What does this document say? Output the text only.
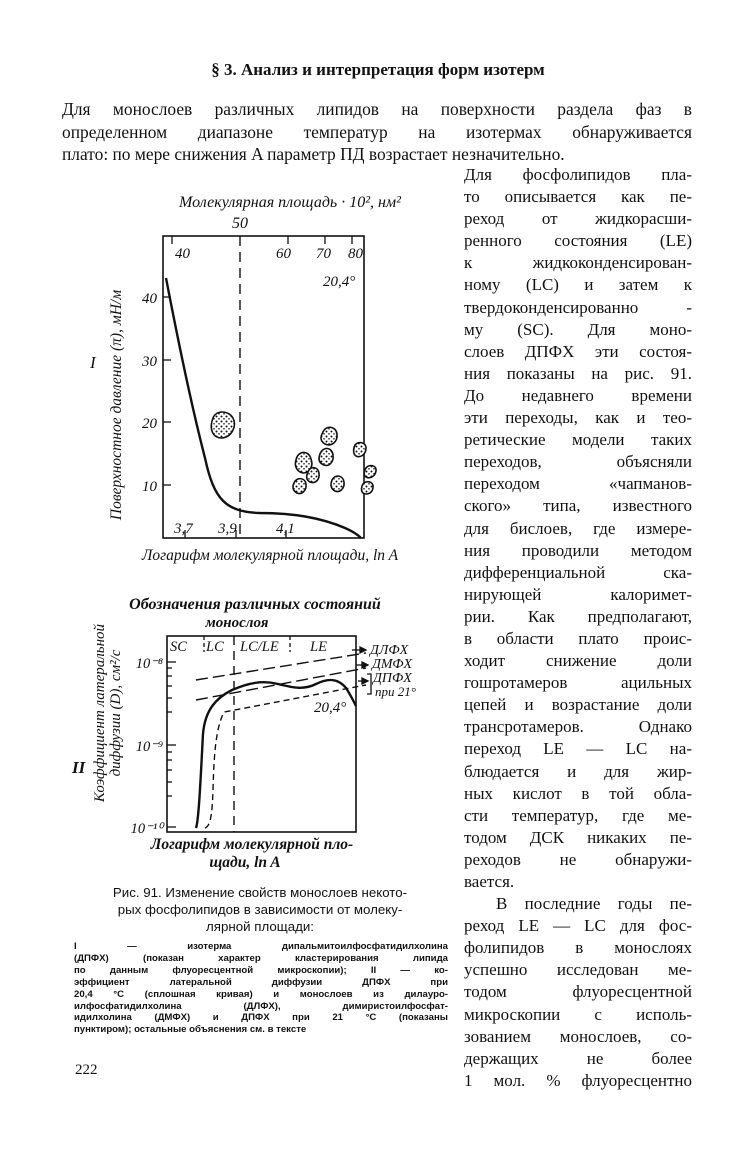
§ 3. Анализ и интерпретация форм изотерм
Для монослоев различных липидов на поверхности раздела фаз в
определенном диапазоне температур на изотермах обнаруживается
плато: по мере снижения A параметр ПД возрастает незначительно.
Для фосфолипидов пла-
то описывается как пе-
реход от жидкорасши-
ренного состояния (LE)
к жидкоконденсирован-
ному (LC) и затем к
твердоконденсированно -
му (SC). Для моно-
слоев ДПФХ эти состоя-
ния показаны на рис. 91.
До недавнего времени
эти переходы, как и тео-
ретические модели таких
переходов, объясняли
переходом «чапманов-
ского» типа, известного
для бислоев, где измере-
ния проводили методом
дифференциальной ска-
нирующей калоримет-
рии. Как предполагают,
в области плато проис-
ходит снижение доли
гошротамеров ацильных
цепей и возрастание доли
трансротамеров. Однако
переход LE — LC на-
блюдается и для жир-
ных кислот в той обла-
сти температур, где ме-
тодом ДСК никаких пе-
реходов не обнаружи-
вается.
В последние годы пе-
реход LE — LC для фос-
фолипидов в монослоях
успешно исследован ме-
тодом флуоресцентной
микроскопии с исполь-
зованием монослоев, со-
держащих не более
1 мол. % флуоресцентно
Молекулярная площадь · 10², нм²
50
I Поверхностное давление (π), мН/м
40	60 70 80
20,4°
40
30
20
10
3,7 3,9	4,1
Логарифм молекулярной площади, ln A
Обозначения различных состояний
монослоя
II Коэффициент латеральной диффузии (D), см²/с
SC LC LC/LE LE
10⁻⁸
10⁻⁹
10⁻¹⁰
20,4°
ДЛФХ
ДМФХ
ДПФХ
при 21°
Логарифм молекулярной пло-
щади, ln A
Рис. 91. Изменение свойств монослоев некото-
рых фосфолипидов в зависимости от молеку-
лярной площади:
I — изотерма дипальмитоилфосфатидилхолина
(ДПФХ) (показан характер кластерирования липида
по данным флуоресцентной микроскопии); II — ко-
эффициент латеральной диффузии ДПФХ при
20,4 °С (сплошная кривая) и монослоев из дилауро-
илфосфатидилхолина (ДЛФХ), димиристоилфосфат-
идилхолина (ДМФХ) и ДПФХ при 21 °С (показаны
пунктиром); остальные объяснения см. в тексте
222
